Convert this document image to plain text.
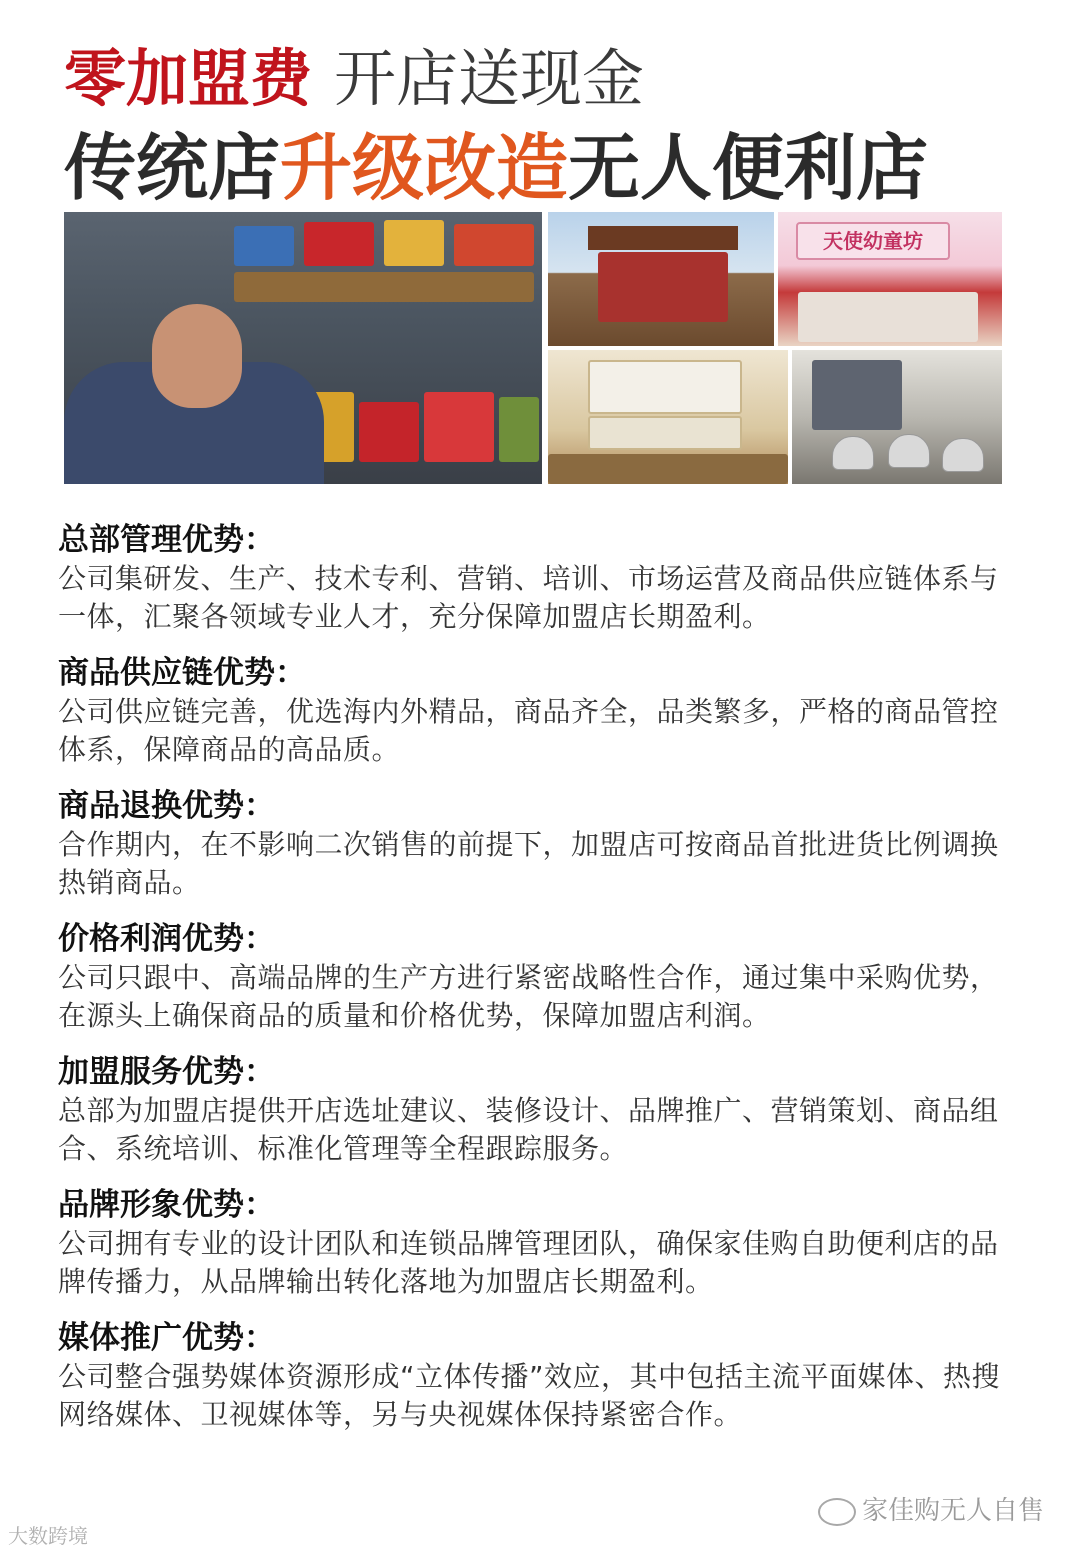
零加盟费 开店送现金
传统店升级改造无人便利店
天使幼童坊
总部管理优势：
公司集研发、生产、技术专利、营销、培训、市场运营及商品供应链体系与一体，汇聚各领域专业人才，充分保障加盟店长期盈利。
商品供应链优势：
公司供应链完善，优选海内外精品，商品齐全，品类繁多，严格的商品管控体系，保障商品的高品质。
商品退换优势：
合作期内，在不影响二次销售的前提下，加盟店可按商品首批进货比例调换热销商品。
价格利润优势：
公司只跟中、高端品牌的生产方进行紧密战略性合作，通过集中采购优势，在源头上确保商品的质量和价格优势，保障加盟店利润。
加盟服务优势：
总部为加盟店提供开店选址建议、装修设计、品牌推广、营销策划、商品组合、系统培训、标准化管理等全程跟踪服务。
品牌形象优势：
公司拥有专业的设计团队和连锁品牌管理团队，确保家佳购自助便利店的品牌传播力，从品牌输出转化落地为加盟店长期盈利。
媒体推广优势：
公司整合强势媒体资源形成“立体传播”效应，其中包括主流平面媒体、热搜网络媒体、卫视媒体等，另与央视媒体保持紧密合作。
家佳购无人自售
大数跨境
